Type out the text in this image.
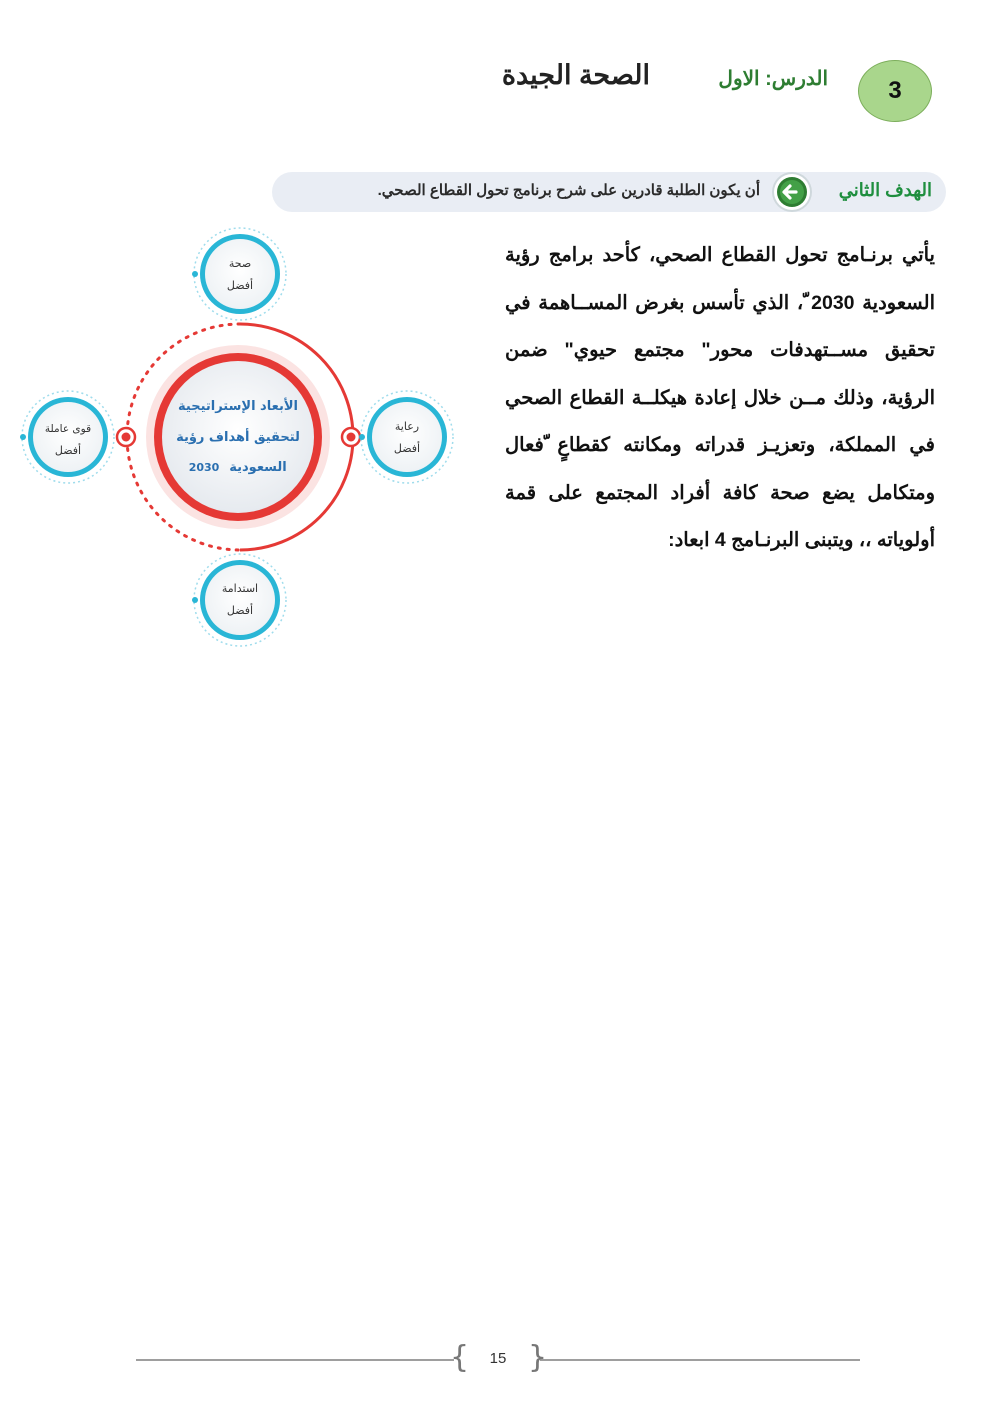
3
الدرس: الاول
الصحة الجيدة
الهدف الثاني
أن يكون الطلبة قادرين على شرح برنامج تحول القطاع الصحي.
يأتي برنـامج تحول القطاع الصحي، كأحد برامج رؤية السعودية 2030 ّ، الذي تأسس بغرض المســاهمة في تحقيق مســتهدفات محور" مجتمع حيوي" ضمن الرؤية، وذلك مــن خلال إعادة هيكلــة القطاع الصحي في المملكة، وتعزيـز قدراته ومكانته كقطاعٍ ّفعال ومتكامل يضع صحة كافة أفراد المجتمع على قمة أولوياته ،، ويتبنى البرنـامج 4 ابعاد:
الأبعاد الإستراتيجية
لتحقيق أهداف رؤية
السعودية
2030
صحة
أفضل
رعاية
أفضل
استدامة
أفضل
قوى عاملة
أفضل
{ }
15
